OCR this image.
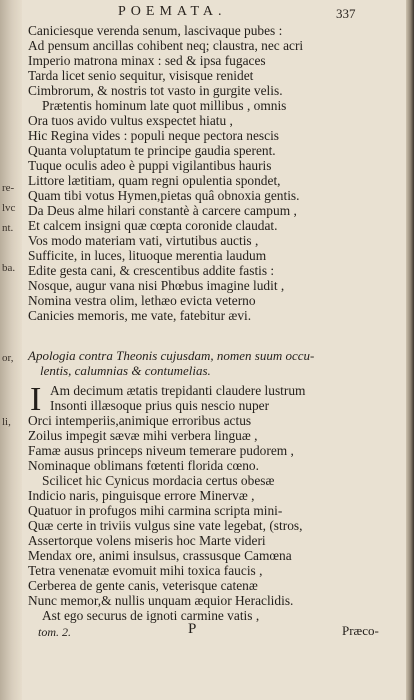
re-
lvc
nt.
ba.
or,
li,
POEMATA.	337
Caniciesque verenda senum, lascivaque pubes :
Ad pensum ancillas cohibent neq; claustra, nec acri
Imperio matrona minax : sed & ipsa fugaces
Tarda licet senio sequitur, visisque renidet
Cimbrorum, & nostris tot vasto in gurgite velis.
Prætentis hominum late quot millibus , omnis
Ora tuos avido vultus exspectet hiatu ,
Hic Regina vides : populi neque pectora nescis
Quanta voluptatum te principe gaudia sperent.
Tuque oculis adeo è puppi vigilantibus hauris
Littore lætitiam, quam regni opulentia spondet,
Quam tibi votus Hymen,pietas quâ obnoxia gentis.
Da Deus alme hilari constantè à carcere campum ,
Et calcem insigni quæ cœpta coronide claudat.
Vos modo materiam vati, virtutibus auctis ,
Sufficite, in luces, lituoque merentia laudum
Edite gesta cani, & crescentibus addite fastis :
Nosque, augur vana nisi Phœbus imagine ludit ,
Nomina vestra olim, lethæo evicta veterno
Canicies memoris, me vate, fatebitur ævi.
Apologia contra Theonis cujusdam, nomen suum occu-
lentis, calumnias & contumelias.
I Am decimum ætatis trepidanti claudere lustrum
Insonti illæsoque prius quis nescio nuper
Orci intemperiis,animique erroribus actus
Zoilus impegit sævæ mihi verbera linguæ ,
Famæ ausus princeps niveum temerare pudorem ,
Nominaque oblimans fœtenti florida cœno.
Scilicet hic Cynicus mordacia certus obesæ
Indicio naris, pinguisque errore Minervæ ,
Quatuor in profugos mihi carmina scripta mini-
Quæ certe in triviis vulgus sine vate legebat, (stros,
Assertorque volens miseris hoc Marte videri
Mendax ore, animi insulsus, crassusque Camœna
Tetra venenatæ evomuit mihi toxica faucis ,
Cerberea de gente canis, veterisque catenæ
Nunc memor,& nullis unquam æquior Heraclidis.
Ast ego securus de ignoti carmine vatis ,
tom. 2.	P	Præco-
